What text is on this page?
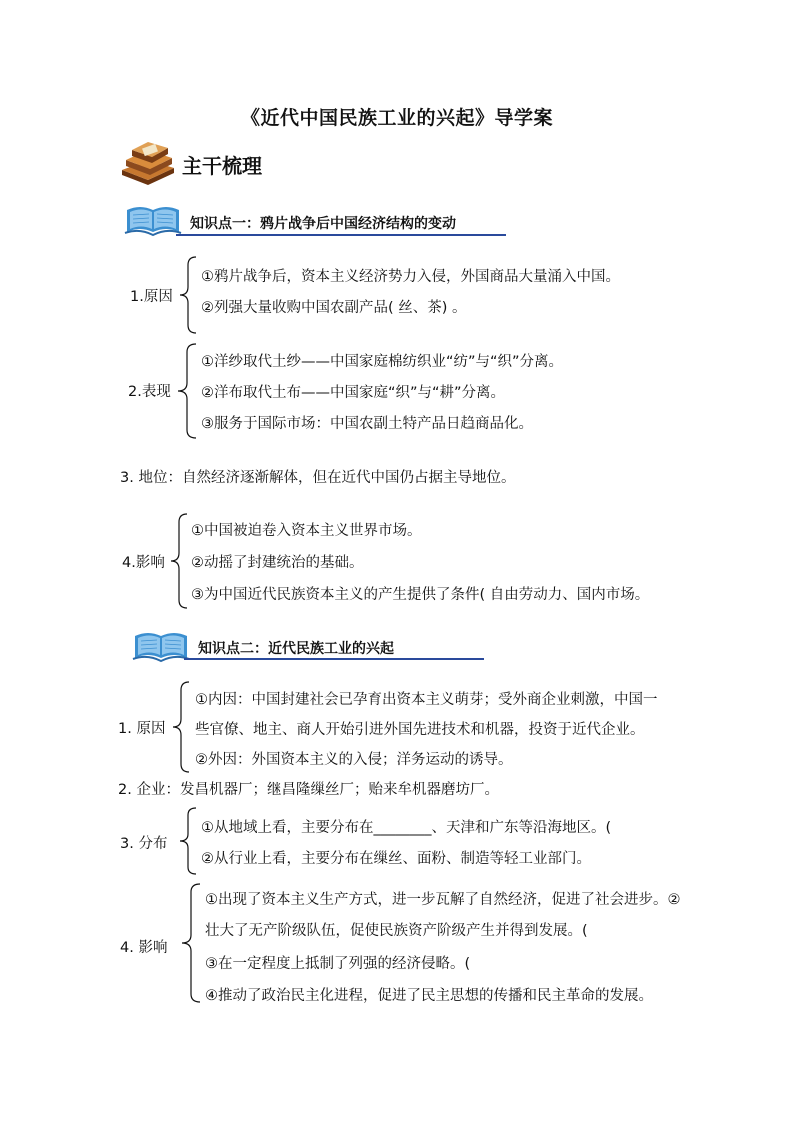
《近代中国民族工业的兴起》导学案
主干梳理
知识点一：鸦片战争后中国经济结构的变动
1.原因
①鸦片战争后，资本主义经济势力入侵，外国商品大量涌入中国。
②列强大量收购中国农副产品( 丝、茶) 。
2.表现
①洋纱取代土纱——中国家庭棉纺织业“纺”与“织”分离。
②洋布取代土布——中国家庭“织”与“耕”分离。
③服务于国际市场：中国农副土特产品日趋商品化。
3. 地位：自然经济逐渐解体，但在近代中国仍占据主导地位。
4.影响
①中国被迫卷入资本主义世界市场。
②动摇了封建统治的基础。
③为中国近代民族资本主义的产生提供了条件( 自由劳动力、国内市场。
知识点二：近代民族工业的兴起
1. 原因
①内因：中国封建社会已孕育出资本主义萌芽；受外商企业刺激，中国一
些官僚、地主、商人开始引进外国先进技术和机器，投资于近代企业。
②外因：外国资本主义的入侵；洋务运动的诱导。
2. 企业：发昌机器厂；继昌隆缫丝厂；贻来牟机器磨坊厂。
3. 分布
①从地域上看，主要分布在________、天津和广东等沿海地区。(
②从行业上看，主要分布在缫丝、面粉、制造等轻工业部门。
4. 影响
①出现了资本主义生产方式，进一步瓦解了自然经济，促进了社会进步。②
壮大了无产阶级队伍，促使民族资产阶级产生并得到发展。(
③在一定程度上抵制了列强的经济侵略。(
④推动了政治民主化进程，促进了民主思想的传播和民主革命的发展。
